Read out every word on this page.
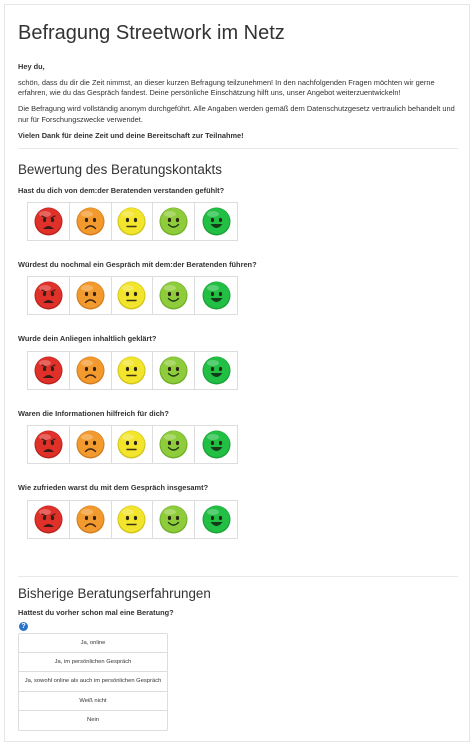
Befragung Streetwork im Netz

Hey du,

schön, dass du dir die Zeit nimmst, an dieser kurzen Befragung teilzunehmen! In den nachfolgenden Fragen möchten wir gerne erfahren, wie du das Gespräch fandest. Deine persönliche Einschätzung hilft uns, unser Angebot weiterzuentwickeln!

Die Befragung wird vollständig anonym durchgeführt. Alle Angaben werden gemäß dem Datenschutzgesetz vertraulich behandelt und nur für Forschungszwecke verwendet.

Vielen Dank für deine Zeit und deine Bereitschaft zur Teilnahme!

Bewertung des Beratungskontakts
Hast du dich von dem:der Beratenden verstanden gefühlt?
Würdest du nochmal ein Gespräch mit dem:der Beratenden führen?
Wurde dein Anliegen inhaltlich geklärt?
Waren die Informationen hilfreich für dich?
Wie zufrieden warst du mit dem Gespräch insgesamt?
Bisherige Beratungserfahrungen
Hattest du vorher schon mal eine Beratung?
?
Ja, online
Ja, im persönlichen Gespräch
Ja, sowohl online als auch im persönlichen Gespräch
Weiß nicht
Nein
